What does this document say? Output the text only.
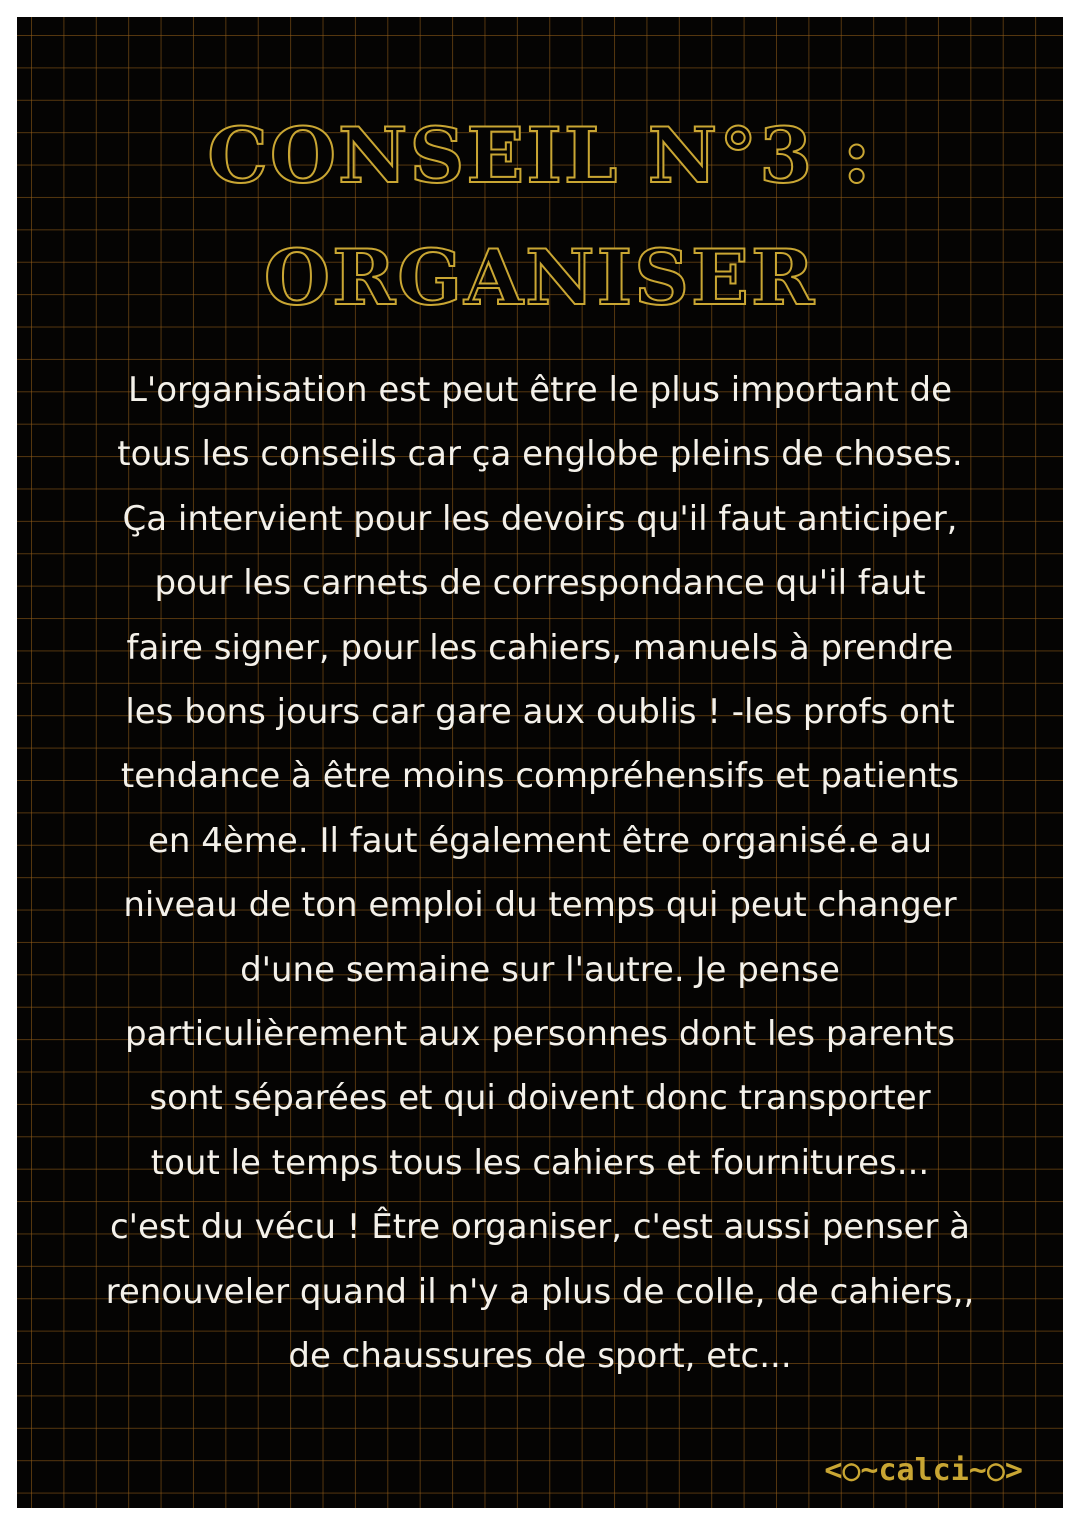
CONSEIL N°3 :
ORGANISER

L'organisation est peut être le plus important de
tous les conseils car ça englobe pleins de choses.
Ça intervient pour les devoirs qu'il faut anticiper,
pour les carnets de correspondance qu'il faut
faire signer, pour les cahiers, manuels à prendre
les bons jours car gare aux oublis ! -les profs ont
tendance à être moins compréhensifs et patients
en 4ème. Il faut également être organisé.e au
niveau de ton emploi du temps qui peut changer
d'une semaine sur l'autre. Je pense
particulièrement aux personnes dont les parents
sont séparées et qui doivent donc transporter
tout le temps tous les cahiers et fournitures...
c'est du vécu ! Être organiser, c'est aussi penser à
renouveler quand il n'y a plus de colle, de cahiers,,
de chaussures de sport, etc...

<○~calci~○>
